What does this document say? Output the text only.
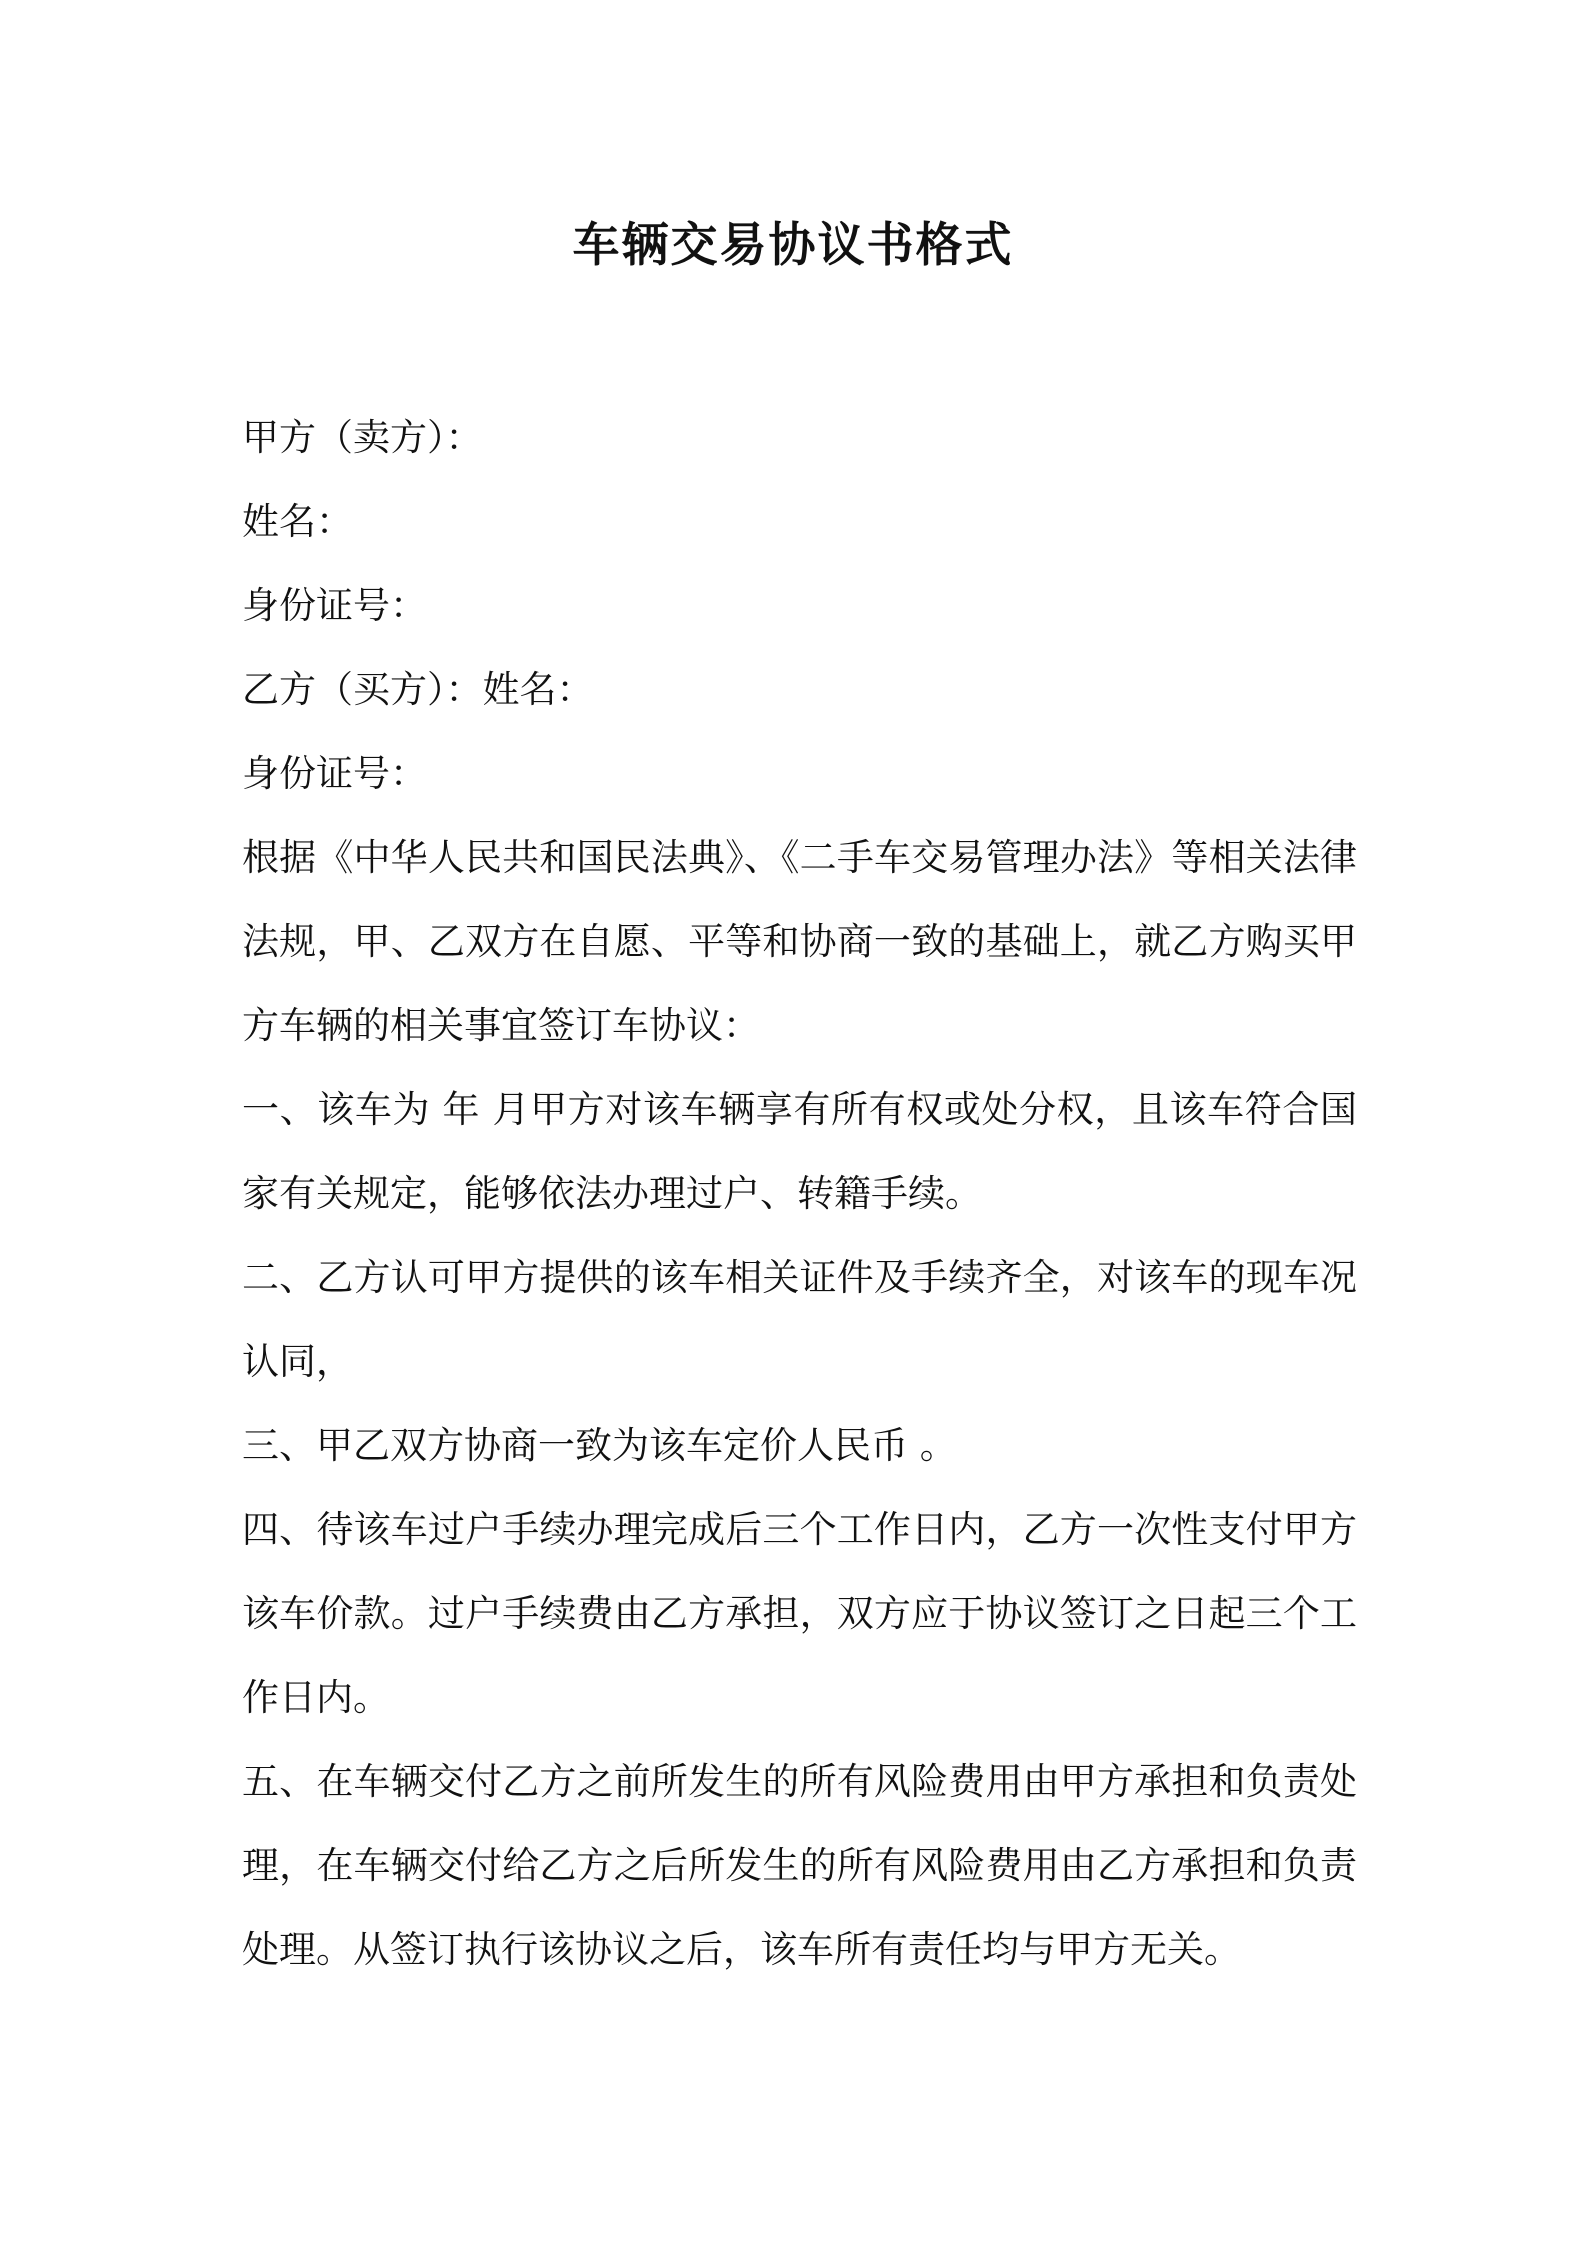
车辆交易协议书格式

甲方（卖方）：

姓名：

身份证号：

乙方（买方）：姓名：

身份证号：

根据《中华人民共和国民法典》、《二手车交易管理办法》等相关法律法规，甲、乙双方在自愿、平等和协商一致的基础上，就乙方购买甲方车辆的相关事宜签订车协议：

一、该车为 年 月甲方对该车辆享有所有权或处分权，且该车符合国家有关规定，能够依法办理过户、转籍手续。

二、乙方认可甲方提供的该车相关证件及手续齐全，对该车的现车况认同，

三、甲乙双方协商一致为该车定价人民币 。

四、待该车过户手续办理完成后三个工作日内，乙方一次性支付甲方该车价款。过户手续费由乙方承担，双方应于协议签订之日起三个工作日内。

五、在车辆交付乙方之前所发生的所有风险费用由甲方承担和负责处理，在车辆交付给乙方之后所发生的所有风险费用由乙方承担和负责处理。从签订执行该协议之后，该车所有责任均与甲方无关。
